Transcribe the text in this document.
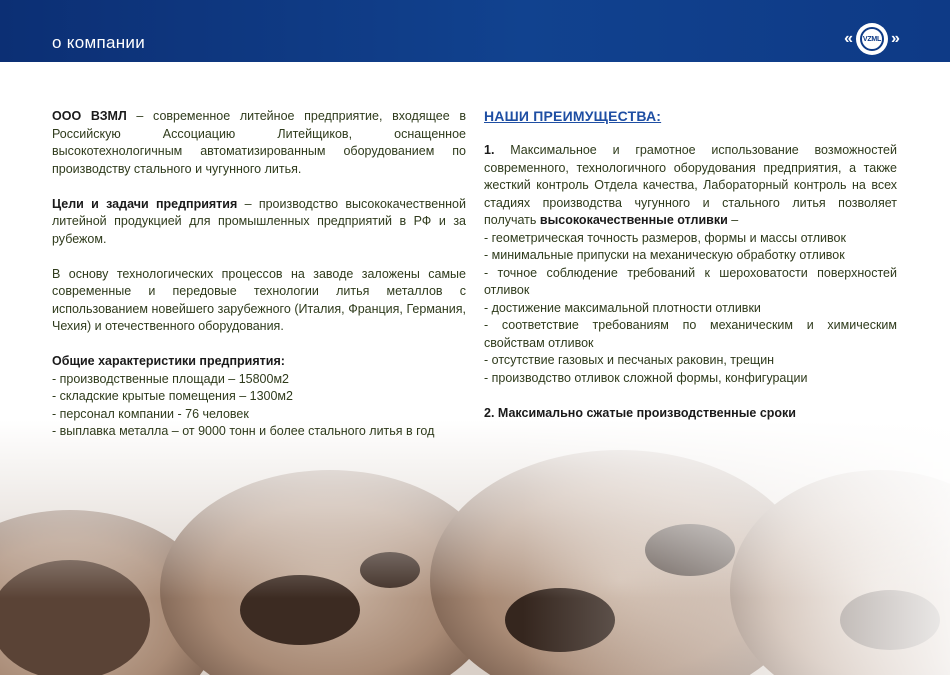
о компании	« VZML »

ООО ВЗМЛ – современное литейное предприятие, входящее в Российскую Ассоциацию Литейщиков, оснащенное высокотехнологичным автоматизированным оборудованием по производству стального и чугунного литья.

Цели и задачи предприятия – производство высококачественной литейной продукцией для промышленных предприятий в РФ и за рубежом.

В основу технологических процессов на заводе заложены самые современные и передовые технологии литья металлов с использованием новейшего зарубежного (Италия, Франция, Германия, Чехия) и отечественного оборудования.

Общие характеристики предприятия:

- производственные площади – 15800м2

- складские крытые помещения – 1300м2

- персонал компании - 76 человек

- выплавка металла – от 9000 тонн и более стального литья в год

НАШИ ПРЕИМУЩЕСТВА:

1. Максимальное и грамотное использование возможностей современного, технологичного оборудования предприятия, а также жесткий контроль Отдела качества, Лабораторный контроль на всех стадиях производства чугунного и стального литья позволяет получать высококачественные отливки –

- геометрическая точность размеров, формы и массы отливок

- минимальные припуски на механическую обработку отливок

- точное соблюдение требований к шероховатости поверхностей отливок

- достижение максимальной плотности отливки

- соответствие требованиям по механическим и химическим свойствам отливок

- отсутствие газовых и песчаных раковин, трещин

- производство отливок сложной формы, конфигурации

2. Максимально сжатые производственные сроки
